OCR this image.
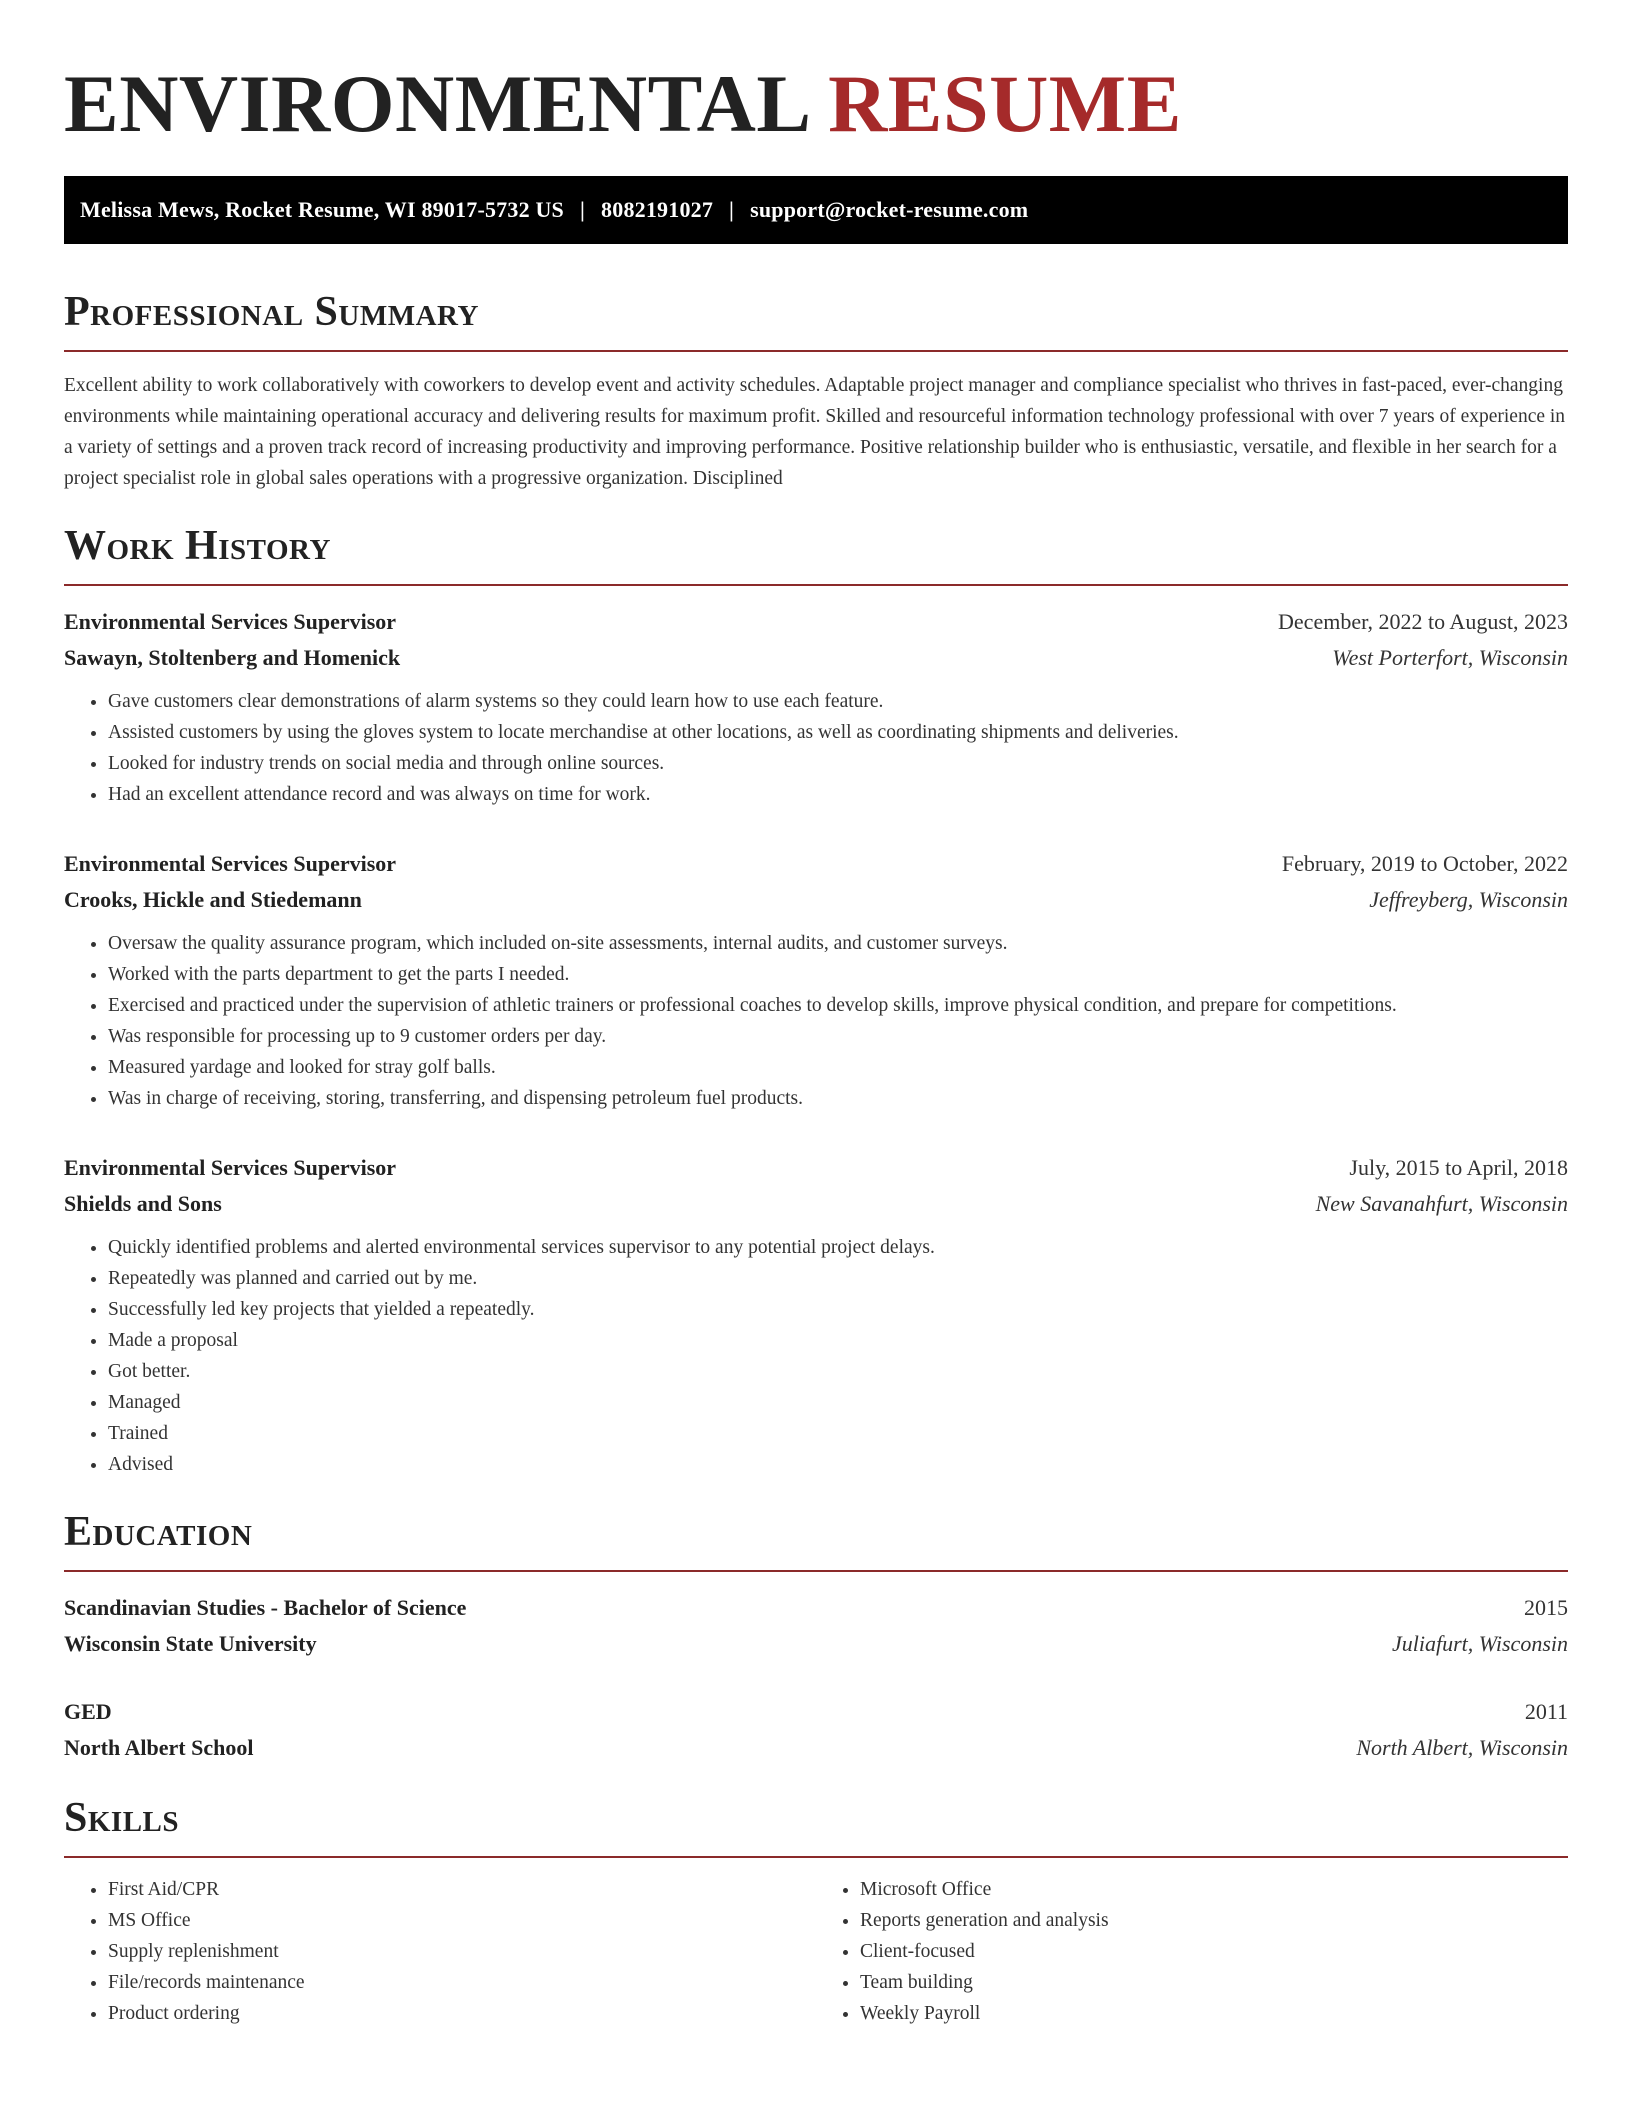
ENVIRONMENTAL RESUME
Melissa Mews, Rocket Resume, WI 89017-5732 US | 8082191027 | support@rocket-resume.com
Professional Summary

Excellent ability to work collaboratively with coworkers to develop event and activity schedules. Adaptable project manager and compliance specialist who thrives in fast-paced, ever-changing environments while maintaining operational accuracy and delivering results for maximum profit. Skilled and resourceful information technology professional with over 7 years of experience in a variety of settings and a proven track record of increasing productivity and improving performance. Positive relationship builder who is enthusiastic, versatile, and flexible in her search for a project specialist role in global sales operations with a progressive organization. Disciplined

Work History
Environmental Services Supervisor	December, 2022 to August, 2023
Sawayn, Stoltenberg and Homenick	West Porterfort, Wisconsin
• Gave customers clear demonstrations of alarm systems so they could learn how to use each feature.
• Assisted customers by using the gloves system to locate merchandise at other locations, as well as coordinating shipments and deliveries.
• Looked for industry trends on social media and through online sources.
• Had an excellent attendance record and was always on time for work.
Environmental Services Supervisor	February, 2019 to October, 2022
Crooks, Hickle and Stiedemann	Jeffreyberg, Wisconsin
• Oversaw the quality assurance program, which included on-site assessments, internal audits, and customer surveys.
• Worked with the parts department to get the parts I needed.
• Exercised and practiced under the supervision of athletic trainers or professional coaches to develop skills, improve physical condition, and prepare for competitions.
• Was responsible for processing up to 9 customer orders per day.
• Measured yardage and looked for stray golf balls.
• Was in charge of receiving, storing, transferring, and dispensing petroleum fuel products.
Environmental Services Supervisor	July, 2015 to April, 2018
Shields and Sons	New Savanahfurt, Wisconsin
• Quickly identified problems and alerted environmental services supervisor to any potential project delays.
• Repeatedly was planned and carried out by me.
• Successfully led key projects that yielded a repeatedly.
• Made a proposal
• Got better.
• Managed
• Trained
• Advised
Education
Scandinavian Studies - Bachelor of Science	2015
Wisconsin State University	Juliafurt, Wisconsin
GED	2011
North Albert School	North Albert, Wisconsin
Skills
• First Aid/CPR
• MS Office
• Supply replenishment
• File/records maintenance
• Product ordering
• Microsoft Office
• Reports generation and analysis
• Client-focused
• Team building
• Weekly Payroll
